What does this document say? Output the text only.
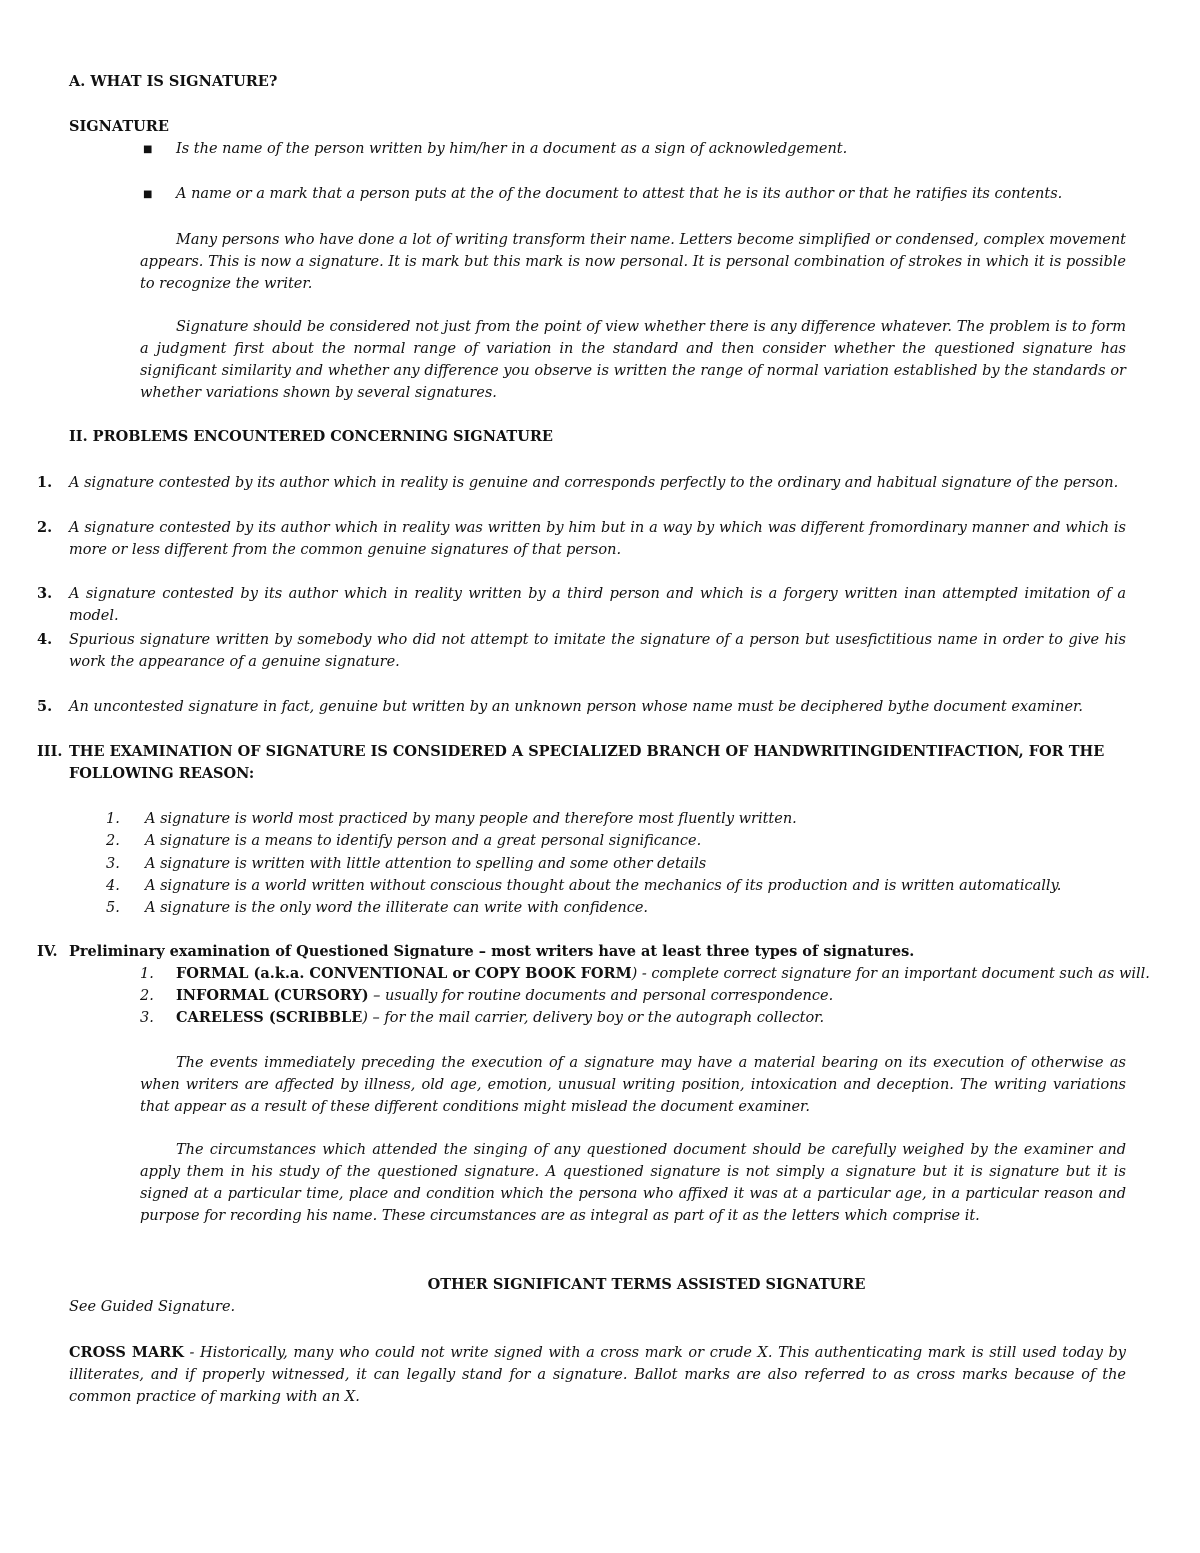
A. WHAT IS SIGNATURE?
SIGNATURE
■ Is the name of the person written by him/her in a document as a sign of acknowledgement.
■ A name or a mark that a person puts at the of the document to attest that he is its author or that he ratifies its contents.
Many persons who have done a lot of writing transform their name. Letters become simplified or condensed, complex movement appears. This is now a signature. It is mark but this mark is now personal. It is personal combination of strokes in which it is possible to recognize the writer.
Signature should be considered not just from the point of view whether there is any difference whatever. The problem is to form a judgment first about the normal range of variation in the standard and then consider whether the questioned signature has significant similarity and whether any difference you observe is written the range of normal variation established by the standards or whether variations shown by several signatures.
II. PROBLEMS ENCOUNTERED CONCERNING SIGNATURE
1. A signature contested by its author which in reality is genuine and corresponds perfectly to the ordinary and habitual signature of the person.
2. A signature contested by its author which in reality was written by him but in a way by which was different fromordinary manner and which is more or less different from the common genuine signatures of that person.
3. A signature contested by its author which in reality written by a third person and which is a forgery written inan attempted imitation of a model.
4. Spurious signature written by somebody who did not attempt to imitate the signature of a person but usesfictitious name in order to give his work the appearance of a genuine signature.
5. An uncontested signature in fact, genuine but written by an unknown person whose name must be deciphered bythe document examiner.
III. THE EXAMINATION OF SIGNATURE IS CONSIDERED A SPECIALIZED BRANCH OF HANDWRITINGIDENTIFACTION, FOR THE FOLLOWING REASON:
1. A signature is world most practiced by many people and therefore most fluently written.
2. A signature is a means to identify person and a great personal significance.
3. A signature is written with little attention to spelling and some other details
4. A signature is a world written without conscious thought about the mechanics of its production and is written automatically.
5. A signature is the only word the illiterate can write with confidence.
IV. Preliminary examination of Questioned Signature – most writers have at least three types of signatures.
1. FORMAL (a.k.a. CONVENTIONAL or COPY BOOK FORM) - complete correct signature for an important document such as will.
2. INFORMAL (CURSORY) – usually for routine documents and personal correspondence.
3. CARELESS (SCRIBBLE) – for the mail carrier, delivery boy or the autograph collector.
The events immediately preceding the execution of a signature may have a material bearing on its execution of otherwise as when writers are affected by illness, old age, emotion, unusual writing position, intoxication and deception. The writing variations that appear as a result of these different conditions might mislead the document examiner.
The circumstances which attended the singing of any questioned document should be carefully weighed by the examiner and apply them in his study of the questioned signature. A questioned signature is not simply a signature but it is signature but it is signed at a particular time, place and condition which the persona who affixed it was at a particular age, in a particular reason and purpose for recording his name. These circumstances are as integral as part of it as the letters which comprise it.
OTHER SIGNIFICANT TERMS ASSISTED SIGNATURE
See Guided Signature.
CROSS MARK - Historically, many who could not write signed with a cross mark or crude X. This authenticating mark is still used today by illiterates, and if properly witnessed, it can legally stand for a signature. Ballot marks are also referred to as cross marks because of the common practice of marking with an X.
